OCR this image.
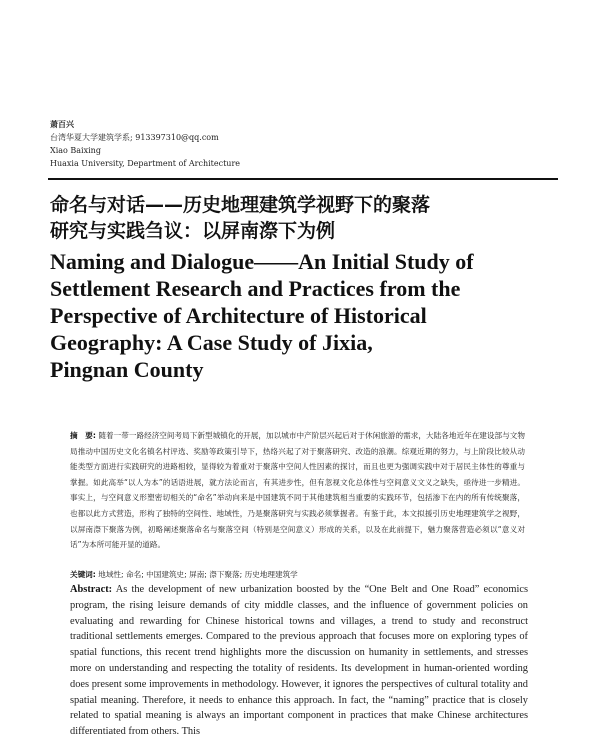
萧百兴
台湾华夏大学建筑学系; 913397310@qq.com
Xiao Baixing
Huaxia University, Department of Architecture
命名与对话——历史地理建筑学视野下的聚落
研究与实践刍议：以屏南漈下为例
Naming and Dialogue——An Initial Study of
Settlement Research and Practices from the
Perspective of Architecture of Historical
Geography: A Case Study of Jixia,
Pingnan County
摘　要: 随着一带一路经济空间考局下新型城镇化的开展，加以城市中产阶层兴起后对于休闲旅游的需求，大陆各地近年在建设部与文物局推动中国历史文化名镇名村评选、奖励等政策引导下，热络兴起了对于聚落研究、改造的浪潮。综观近期的努力，与上阶段比较从动能类型方面进行实践研究的进路相较，显得较为着重对于聚落中空间人性因素的探讨，而且也更为强调实践中对于居民主体性的尊重与掌握。如此高举“以人为本”的话语进展，就方法论而言，有其进步性，但有忽视文化总体性与空间意义文义之缺失，亟待进一步精进。事实上，与空间意义形塑密切相关的“命名”举动向来是中国建筑不同于其他建筑相当重要的实践环节，包括渗下在内的所有传统聚落，也都以此方式营造，形构了独特的空间性、地域性，乃是聚落研究与实践必须掌握者。有鉴于此，本文拟援引历史地理建筑学之视野，以屏南漈下聚落为例，初略阐述聚落命名与聚落空间（特别是空间意义）形成的关系，以及在此前提下，魅力聚落营造必须以“意义对话”为本所可能开显的道路。
关键词: 地域性; 命名; 中国建筑史; 屏南; 漈下聚落; 历史地理建筑学
Abstract: As the development of new urbanization boosted by the “One Belt and One Road” economics program, the rising leisure demands of city middle classes, and the influence of government policies on evaluating and rewarding for Chinese historical towns and villages, a trend to study and reconstruct traditional settlements emerges. Compared to the previous approach that focuses more on exploring types of spatial functions, this recent trend highlights more the discussion on humanity in settlements, and stresses more on understanding and respecting the totality of residents. Its development in human-oriented wording does present some improvements in methodology. However, it ignores the perspectives of cultural totality and spatial meaning. Therefore, it needs to enhance this approach. In fact, the “naming” practice that is closely related to spatial meaning is always an important component in practices that make Chinese architectures differentiated from others. This
